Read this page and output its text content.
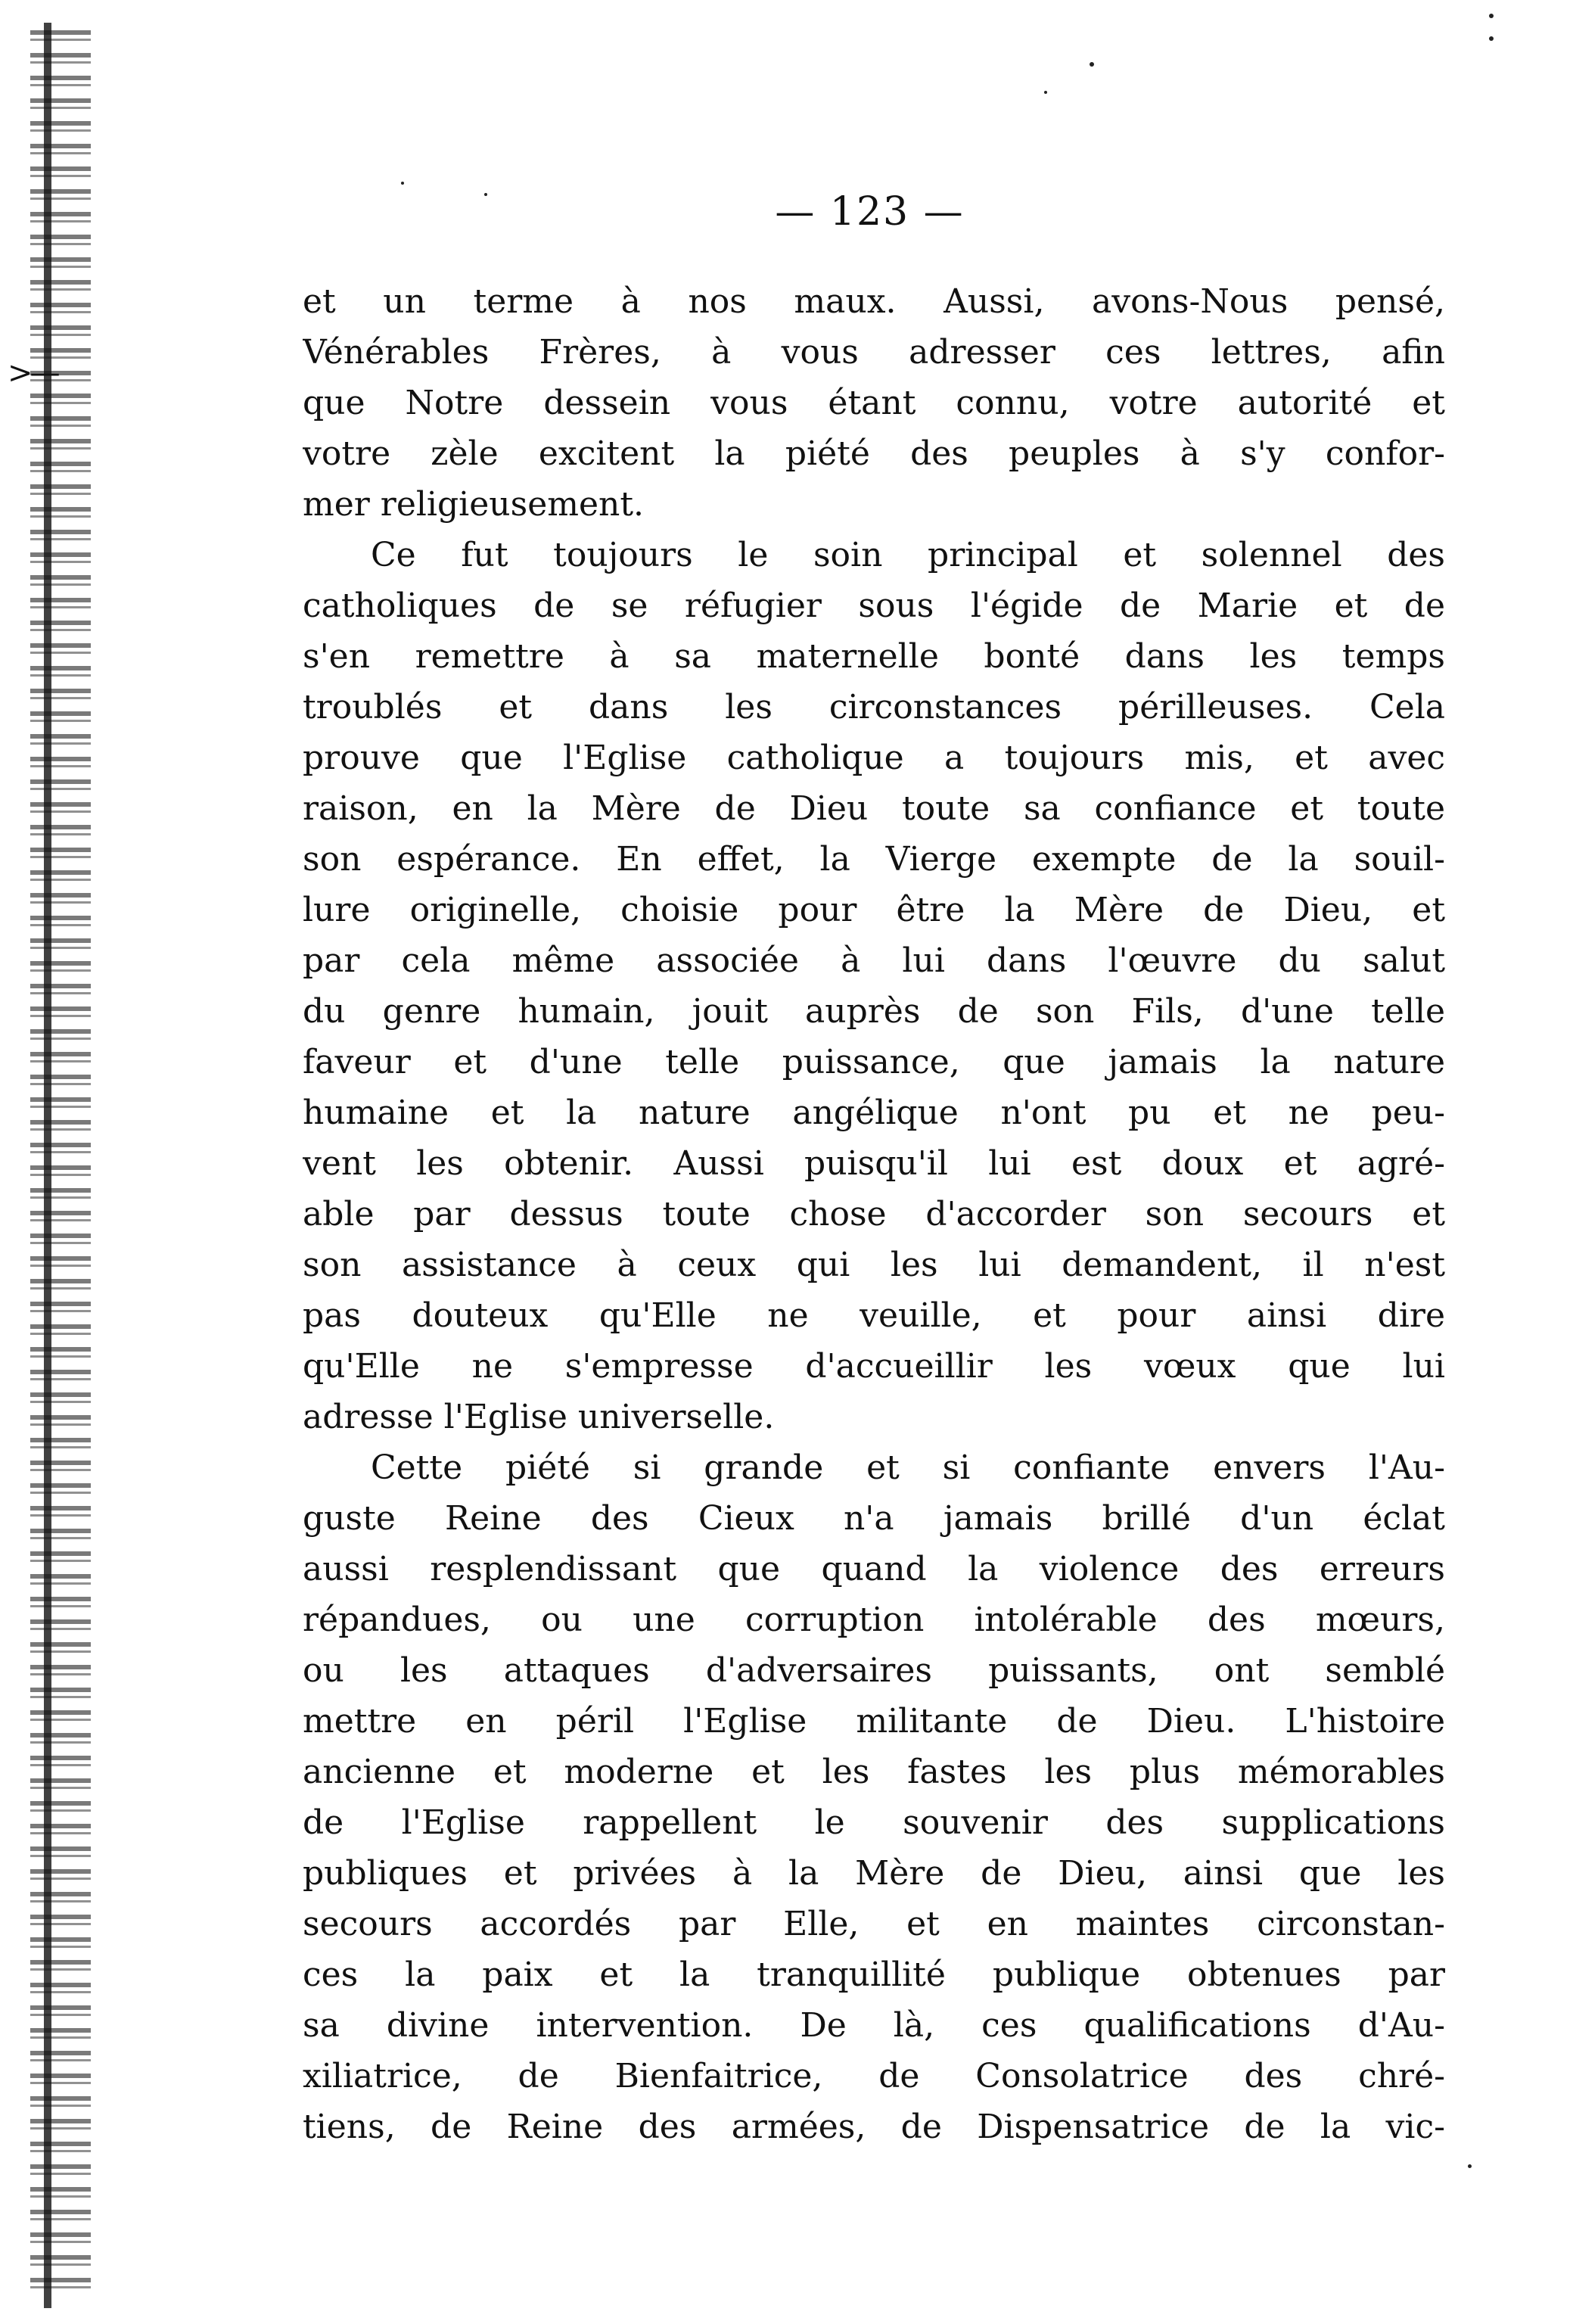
>—
— 123 —
et un terme à nos maux. Aussi, avons-Nous pensé,
Vénérables Frères, à vous adresser ces lettres, afin
que Notre dessein vous étant connu, votre autorité et
votre zèle excitent la piété des peuples à s'y confor-
mer religieusement.
Ce fut toujours le soin principal et solennel des
catholiques de se réfugier sous l'égide de Marie et de
s'en remettre à sa maternelle bonté dans les temps
troublés et dans les circonstances périlleuses. Cela
prouve que l'Eglise catholique a toujours mis, et avec
raison, en la Mère de Dieu toute sa confiance et toute
son espérance. En effet, la Vierge exempte de la souil-
lure originelle, choisie pour être la Mère de Dieu, et
par cela même associée à lui dans l'œuvre du salut
du genre humain, jouit auprès de son Fils, d'une telle
faveur et d'une telle puissance, que jamais la nature
humaine et la nature angélique n'ont pu et ne peu-
vent les obtenir. Aussi puisqu'il lui est doux et agré-
able par dessus toute chose d'accorder son secours et
son assistance à ceux qui les lui demandent, il n'est
pas douteux qu'Elle ne veuille, et pour ainsi dire
qu'Elle ne s'empresse d'accueillir les vœux que lui
adresse l'Eglise universelle.
Cette piété si grande et si confiante envers l'Au-
guste Reine des Cieux n'a jamais brillé d'un éclat
aussi resplendissant que quand la violence des erreurs
répandues, ou une corruption intolérable des mœurs,
ou les attaques d'adversaires puissants, ont semblé
mettre en péril l'Eglise militante de Dieu. L'histoire
ancienne et moderne et les fastes les plus mémorables
de l'Eglise rappellent le souvenir des supplications
publiques et privées à la Mère de Dieu, ainsi que les
secours accordés par Elle, et en maintes circonstan-
ces la paix et la tranquillité publique obtenues par
sa divine intervention. De là, ces qualifications d'Au-
xiliatrice, de Bienfaitrice, de Consolatrice des chré-
tiens, de Reine des armées, de Dispensatrice de la vic-
